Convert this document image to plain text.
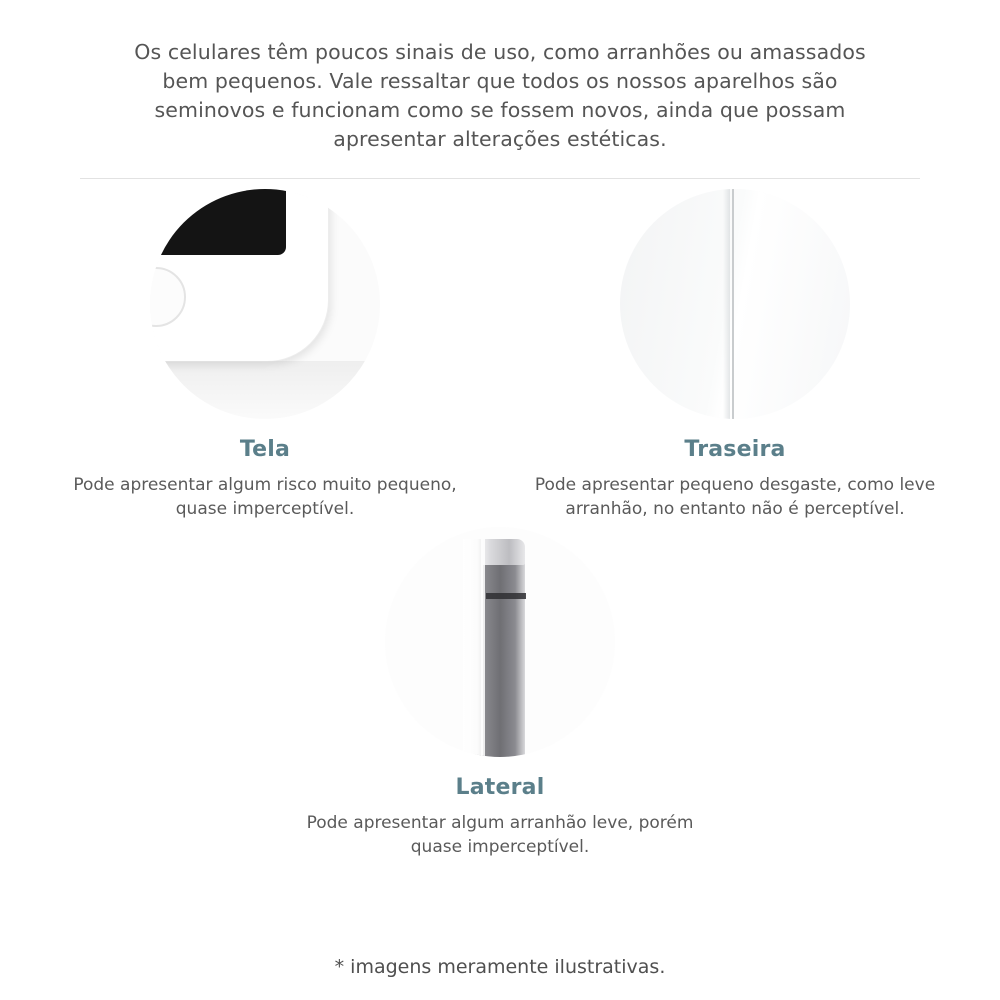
Os celulares têm poucos sinais de uso, como arranhões ou amassados bem pequenos. Vale ressaltar que todos os nossos aparelhos são seminovos e funcionam como se fossem novos, ainda que possam apresentar alterações estéticas.

Tela
Pode apresentar algum risco muito pequeno, quase imperceptível.
Traseira
Pode apresentar pequeno desgaste, como leve arranhão, no entanto não é perceptível.
Lateral
Pode apresentar algum arranhão leve, porém quase imperceptível.
* imagens meramente ilustrativas.
